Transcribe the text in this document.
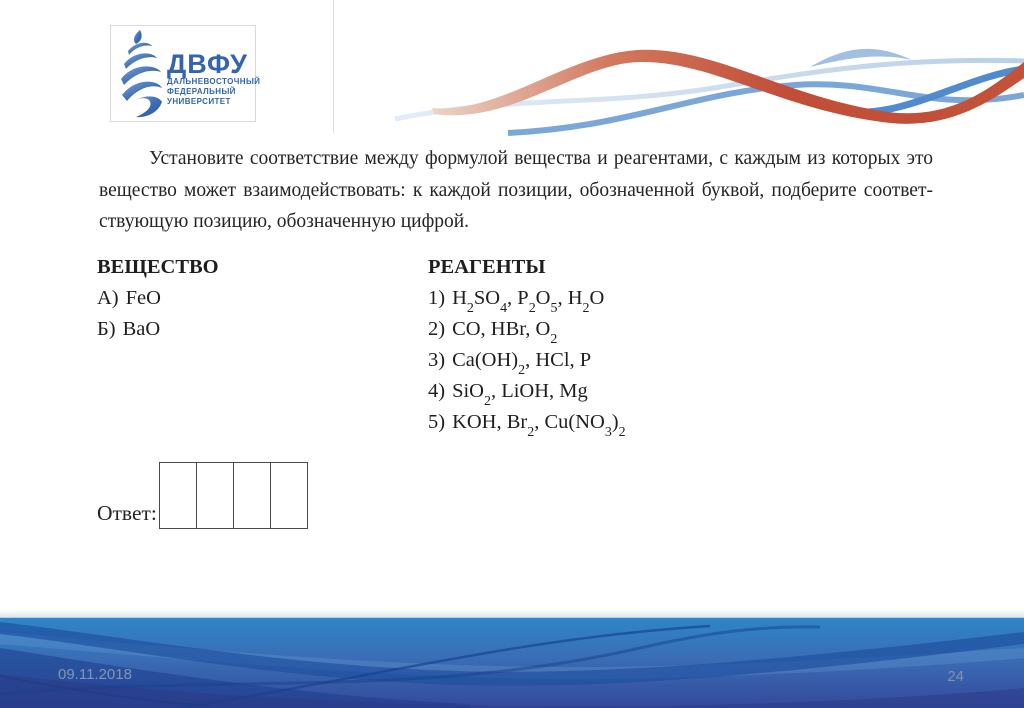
ДВФУ
ДАЛЬНЕВОСТОЧНЫЙ
ФЕДЕРАЛЬНЫЙ
УНИВЕРСИТЕТ
Установите соответствие между формулой вещества и реагентами, с каждым из которых это вещество может взаимодействовать: к каждой позиции, обозначенной буквой, подберите соответствующую позицию, обозначенную цифрой.
ВЕЩЕСТВО
А) FeO
Б) BaO
РЕАГЕНТЫ
1) $H_2SO_4$, $P_2O_5$, $H_2O$
2) CO, HBr, $O_2$
3) $Ca(OH)_2$, HCl, P
4) SiO$_2$, LiOH, Mg
5) KOH, $Br_2$, $Cu(NO_3)_2$
Ответ:
09.11.2018	24
